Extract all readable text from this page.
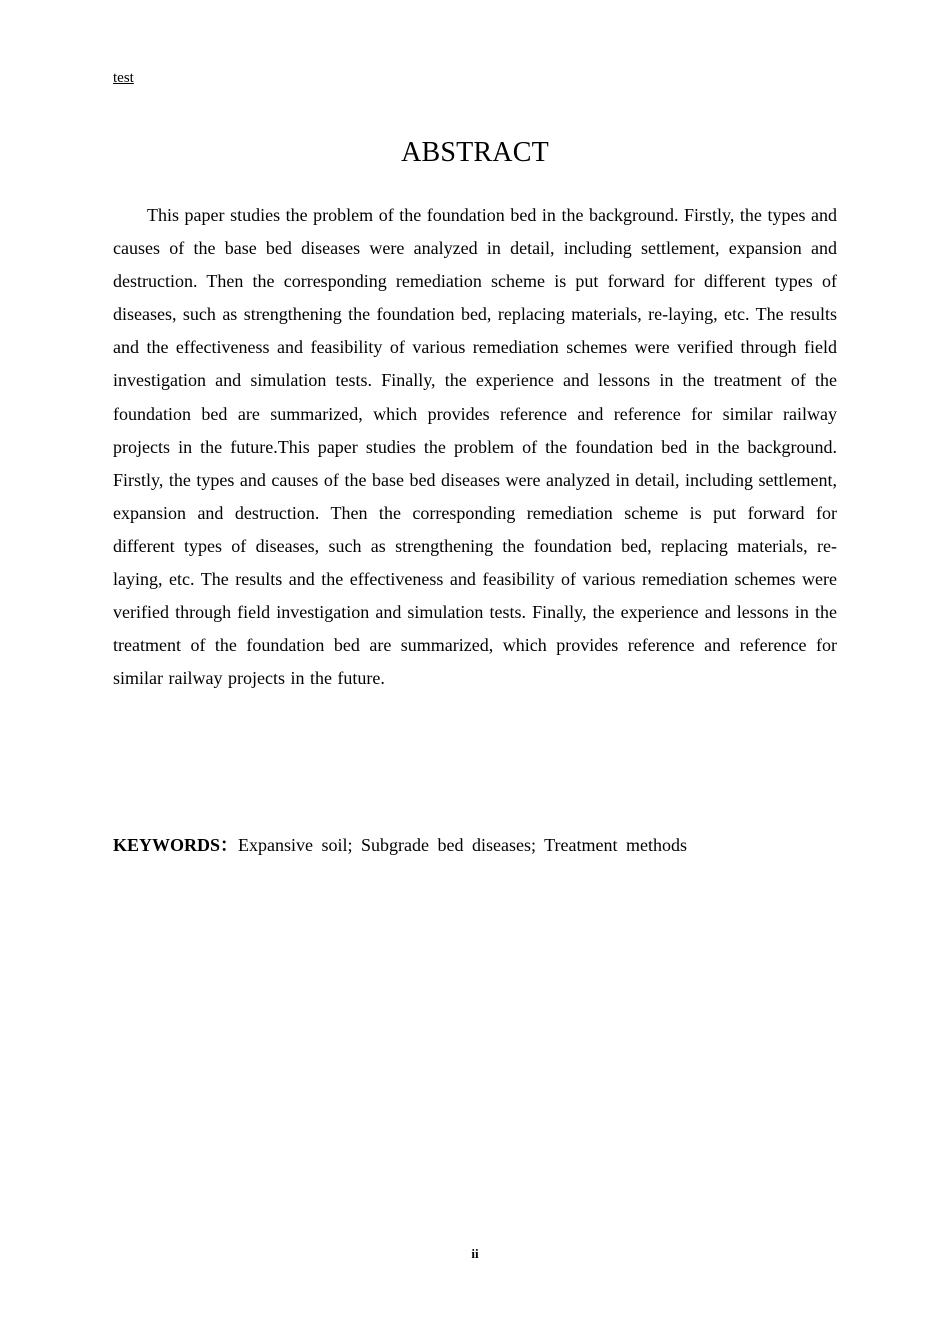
test
ABSTRACT

This paper studies the problem of the foundation bed in the background. Firstly, the types and causes of the base bed diseases were analyzed in detail, including settlement, expansion and destruction. Then the corresponding remediation scheme is put forward for different types of diseases, such as strengthening the foundation bed, replacing materials, re-laying, etc. The results and the effectiveness and feasibility of various remediation schemes were verified through field investigation and simulation tests. Finally, the experience and lessons in the treatment of the foundation bed are summarized, which provides reference and reference for similar railway projects in the future.This paper studies the problem of the foundation bed in the background. Firstly, the types and causes of the base bed diseases were analyzed in detail, including settlement, expansion and destruction. Then the corresponding remediation scheme is put forward for different types of diseases, such as strengthening the foundation bed, replacing materials, re-laying, etc. The results and the effectiveness and feasibility of various remediation schemes were verified through field investigation and simulation tests. Finally, the experience and lessons in the treatment of the foundation bed are summarized, which provides reference and reference for similar railway projects in the future.

KEYWORDS：Expansive soil; Subgrade bed diseases; Treatment methods
ii
